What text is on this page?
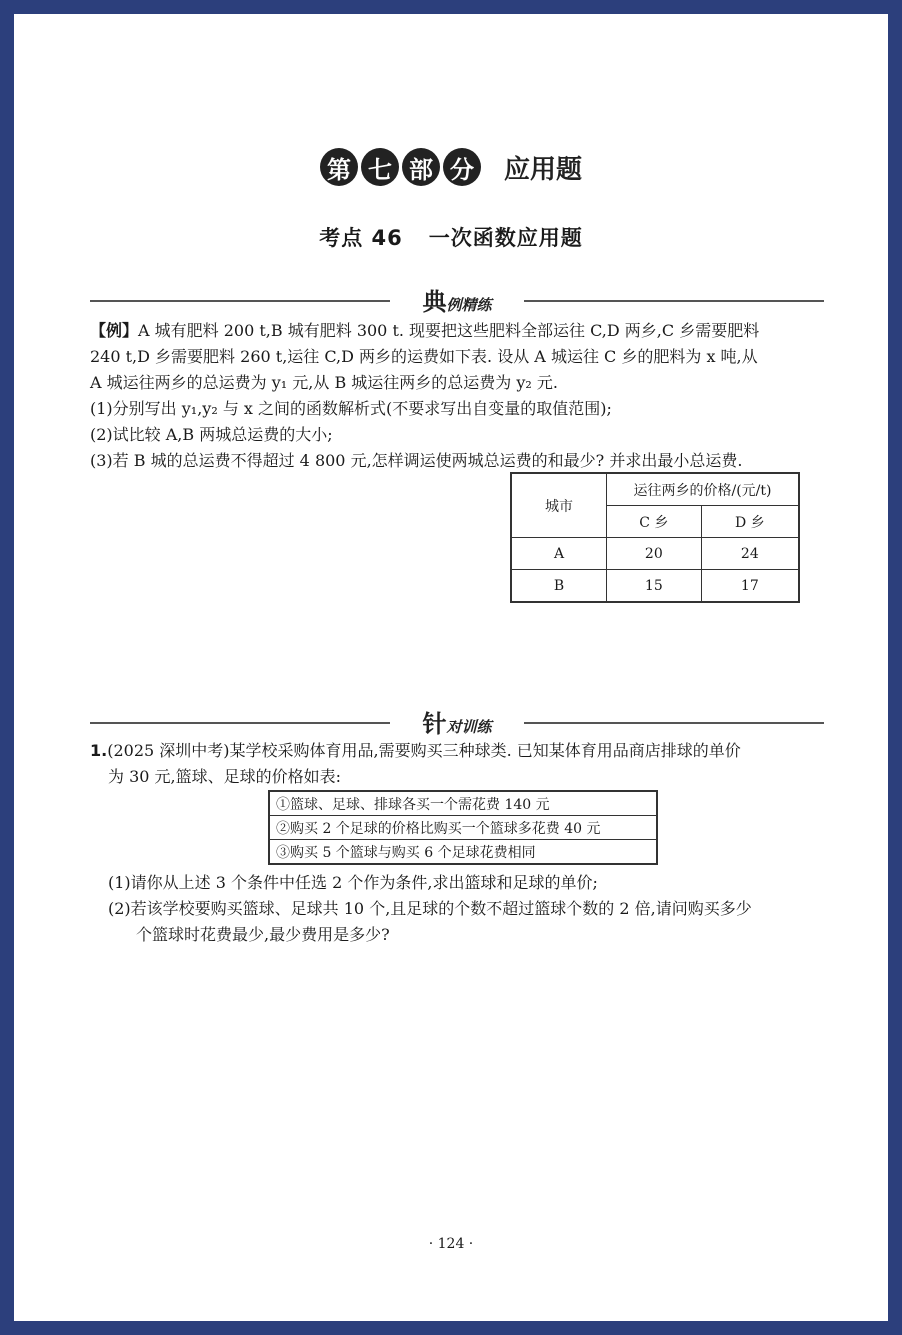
第 七 部 分 应用题
考点 46 一次函数应用题
典例精练
【例】A 城有肥料 200 t,B 城有肥料 300 t. 现要把这些肥料全部运往 C,D 两乡,C 乡需要肥料
240 t,D 乡需要肥料 260 t,运往 C,D 两乡的运费如下表. 设从 A 城运往 C 乡的肥料为 x 吨,从
A 城运往两乡的总运费为 y₁ 元,从 B 城运往两乡的总运费为 y₂ 元.
(1)分别写出 y₁,y₂ 与 x 之间的函数解析式(不要求写出自变量的取值范围);
(2)试比较 A,B 两城总运费的大小;
(3)若 B 城的总运费不得超过 4 800 元,怎样调运使两城总运费的和最少? 并求出最小总运费.
城市	运往两乡的价格/(元/t)	
	C 乡	D 乡
A	20	24
B	15	17
针对训练
1.(2025 深圳中考)某学校采购体育用品,需要购买三种球类. 已知某体育用品商店排球的单价
为 30 元,篮球、足球的价格如表:
①篮球、足球、排球各买一个需花费 140 元
②购买 2 个足球的价格比购买一个篮球多花费 40 元
③购买 5 个篮球与购买 6 个足球花费相同
(1)请你从上述 3 个条件中任选 2 个作为条件,求出篮球和足球的单价;
(2)若该学校要购买篮球、足球共 10 个,且足球的个数不超过篮球个数的 2 倍,请问购买多少
个篮球时花费最少,最少费用是多少?
· 124 ·
